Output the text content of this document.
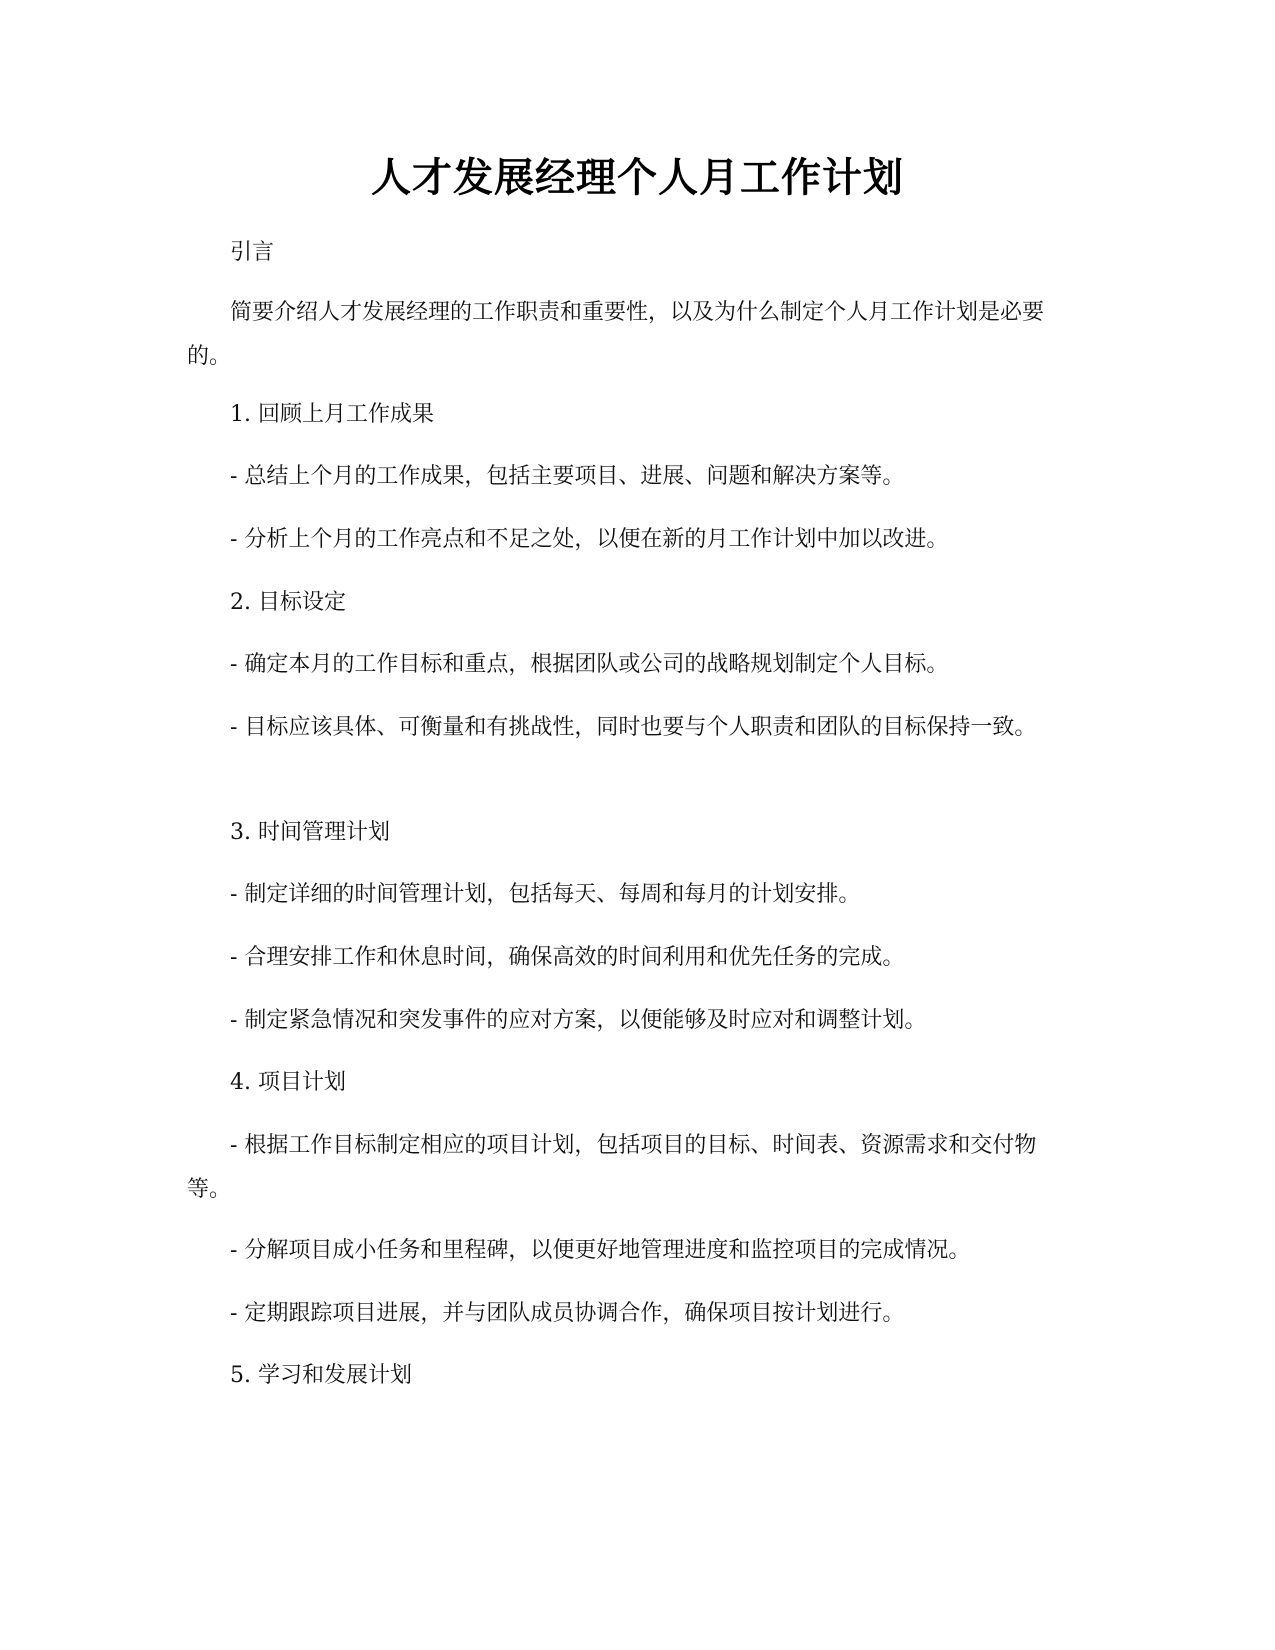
人才发展经理个人月工作计划

引言

简要介绍人才发展经理的工作职责和重要性，以及为什么制定个人月工作计划是必要的。

1. 回顾上月工作成果

- 总结上个月的工作成果，包括主要项目、进展、问题和解决方案等。

- 分析上个月的工作亮点和不足之处，以便在新的月工作计划中加以改进。

2. 目标设定

- 确定本月的工作目标和重点，根据团队或公司的战略规划制定个人目标。

- 目标应该具体、可衡量和有挑战性，同时也要与个人职责和团队的目标保持一致。

3. 时间管理计划

- 制定详细的时间管理计划，包括每天、每周和每月的计划安排。

- 合理安排工作和休息时间，确保高效的时间利用和优先任务的完成。

- 制定紧急情况和突发事件的应对方案，以便能够及时应对和调整计划。

4. 项目计划

- 根据工作目标制定相应的项目计划，包括项目的目标、时间表、资源需求和交付物等。

- 分解项目成小任务和里程碑，以便更好地管理进度和监控项目的完成情况。

- 定期跟踪项目进展，并与团队成员协调合作，确保项目按计划进行。

5. 学习和发展计划
